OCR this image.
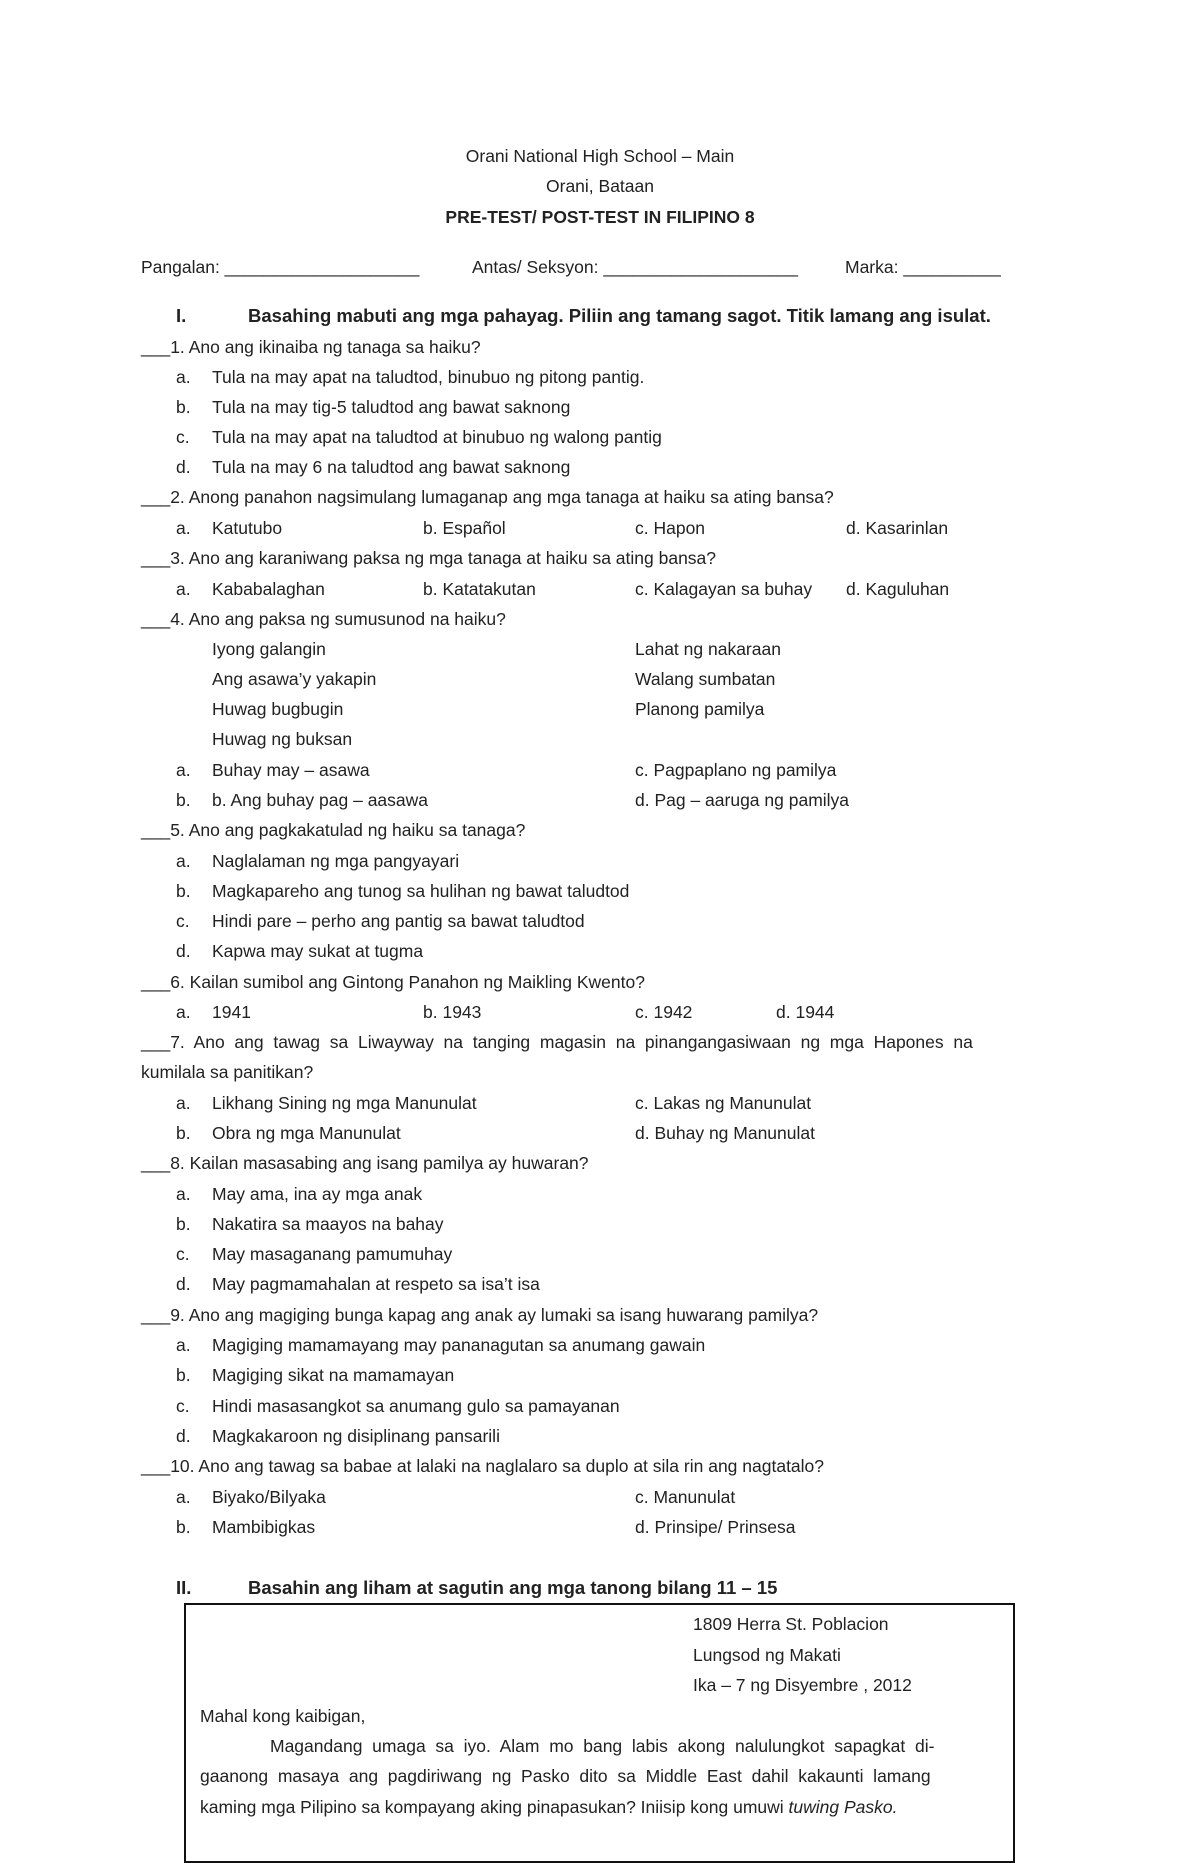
Orani National High School – Main
Orani, Bataan
PRE-TEST/ POST-TEST IN FILIPINO 8
Pangalan: ____________________	Antas/ Seksyon: ____________________	Marka: __________
I.	Basahing mabuti ang mga pahayag. Piliin ang tamang sagot. Titik lamang ang isulat.
___1. Ano ang ikinaiba ng tanaga sa haiku?
a. Tula na may apat na taludtod, binubuo ng pitong pantig.
b. Tula na may tig-5 taludtod ang bawat saknong
c. Tula na may apat na taludtod at binubuo ng walong pantig
d. Tula na may 6 na taludtod ang bawat saknong
___2. Anong panahon nagsimulang lumaganap ang mga tanaga at haiku sa ating bansa?
a. Katutubo	b. Español	c. Hapon	d. Kasarinlan
___3. Ano ang karaniwang paksa ng mga tanaga at haiku sa ating bansa?
a. Kababalaghan	b. Katatakutan	c. Kalagayan sa buhay d. Kaguluhan
___4. Ano ang paksa ng sumusunod na haiku?
Iyong galangin	Lahat ng nakaraan
Ang asawa’y yakapin	Walang sumbatan
Huwag bugbugin	Planong pamilya
Huwag ng buksan
a. Buhay may – asawa	c. Pagpaplano ng pamilya
b. b. Ang buhay pag – aasawa	d. Pag – aaruga ng pamilya
___5. Ano ang pagkakatulad ng haiku sa tanaga?
a. Naglalaman ng mga pangyayari
b. Magkapareho ang tunog sa hulihan ng bawat taludtod
c. Hindi pare – perho ang pantig sa bawat taludtod
d. Kapwa may sukat at tugma
___6. Kailan sumibol ang Gintong Panahon ng Maikling Kwento?
a. 1941	b. 1943	c. 1942	d. 1944
___7.  Ano  ang  tawag  sa  Liwayway  na  tanging  magasin  na  pinangangasiwaan  ng  mga  Hapones  na
kumilala sa panitikan?
a. Likhang Sining ng mga Manunulat	c. Lakas ng Manunulat
b. Obra ng mga Manunulat	d. Buhay ng Manunulat
___8. Kailan masasabing ang isang pamilya ay huwaran?
a. May ama, ina ay mga anak
b. Nakatira sa maayos na bahay
c. May masaganang pamumuhay
d. May pagmamahalan at respeto sa isa’t isa
___9. Ano ang magiging bunga kapag ang anak ay lumaki sa isang huwarang pamilya?
a. Magiging mamamayang may pananagutan sa anumang gawain
b. Magiging sikat na mamamayan
c. Hindi masasangkot sa anumang gulo sa pamayanan
d. Magkakaroon ng disiplinang pansarili
___10. Ano ang tawag sa babae at lalaki na naglalaro sa duplo at sila rin ang nagtatalo?
a. Biyako/Bilyaka	c. Manunulat
b. Mambibigkas	d. Prinsipe/ Prinsesa
II.	Basahin ang liham at sagutin ang mga tanong bilang 11 – 15
1809 Herra St. Poblacion
Lungsod ng Makati
Ika – 7 ng Disyembre , 2012
Mahal kong kaibigan,
Magandang  umaga  sa  iyo.  Alam  mo  bang  labis  akong  nalulungkot  sapagkat  di-
gaanong  masaya  ang  pagdiriwang  ng  Pasko  dito  sa  Middle  East  dahil  kakaunti  lamang
kaming mga Pilipino sa kompayang aking pinapasukan? Iniisip kong umuwi tuwing Pasko.
